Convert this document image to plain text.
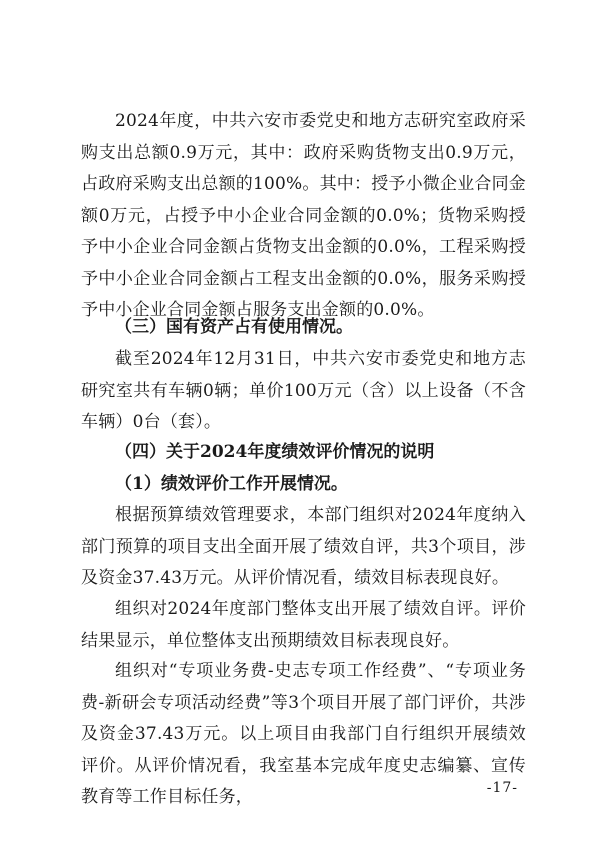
2024年度，中共六安市委党史和地方志研究室政府采购支出总额0.9万元，其中：政府采购货物支出0.9万元，占政府采购支出总额的100%。其中：授予小微企业合同金额0万元，占授予中小企业合同金额的0.0%；货物采购授予中小企业合同金额占货物支出金额的0.0%，工程采购授予中小企业合同金额占工程支出金额的0.0%，服务采购授予中小企业合同金额占服务支出金额的0.0%。

（三）国有资产占有使用情况。

截至2024年12月31日，中共六安市委党史和地方志研究室共有车辆0辆；单价100万元（含）以上设备（不含车辆）0台（套）。

（四）关于2024年度绩效评价情况的说明

（1）绩效评价工作开展情况。

根据预算绩效管理要求，本部门组织对2024年度纳入部门预算的项目支出全面开展了绩效自评，共3个项目，涉及资金37.43万元。从评价情况看，绩效目标表现良好。

组织对2024年度部门整体支出开展了绩效自评。评价结果显示，单位整体支出预期绩效目标表现良好。

组织对“专项业务费-史志专项工作经费”、“专项业务费-新研会专项活动经费”等3个项目开展了部门评价，共涉及资金37.43万元。以上项目由我部门自行组织开展绩效评价。从评价情况看，我室基本完成年度史志编纂、宣传教育等工作目标任务，	-17-
